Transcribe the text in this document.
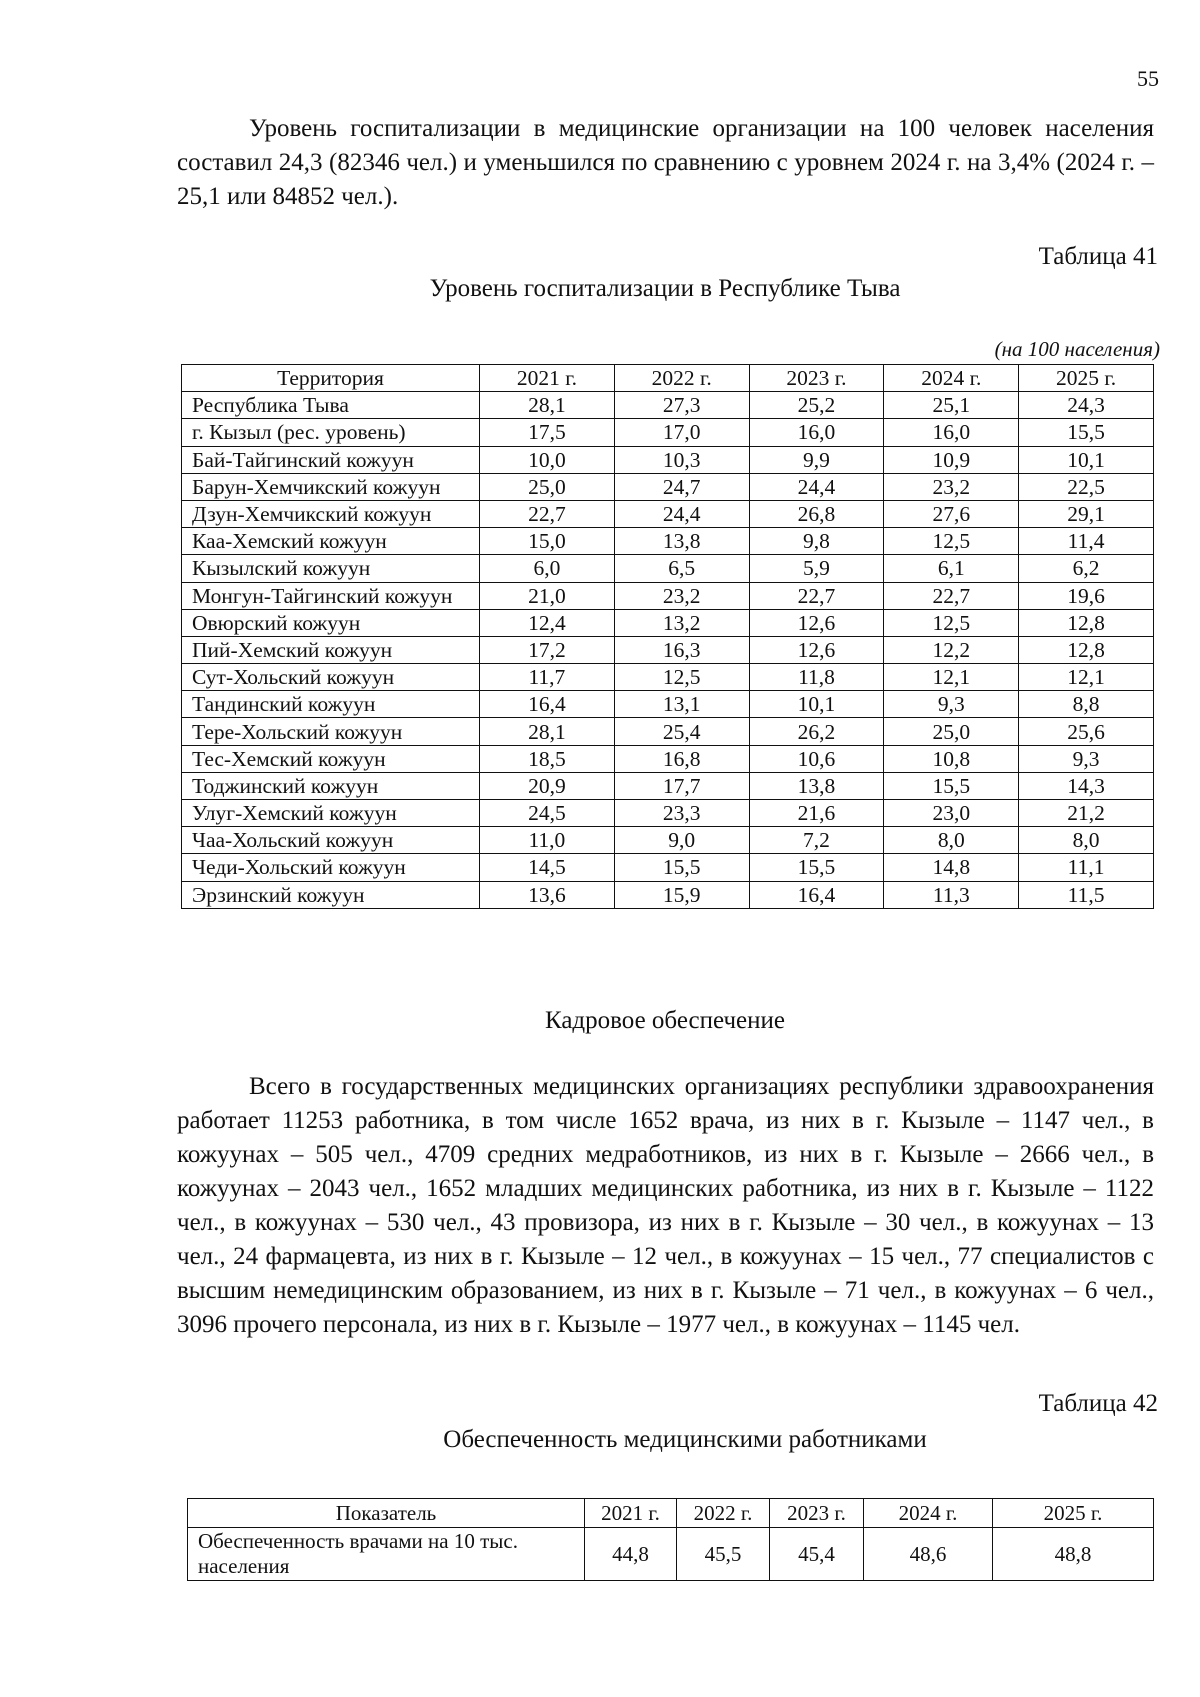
55

Уровень госпитализации в медицинские организации на 100 человек населения составил 24,3 (82346 чел.) и уменьшился по сравнению с уровнем 2024 г. на 3,4% (2024 г. – 25,1 или 84852 чел.).

Таблица 41
Уровень госпитализации в Республике Тыва
(на 100 населения)
Территория	2021 г.	2022 г.	2023 г.	2024 г.	2025 г.
Республика Тыва	28,1	27,3	25,2	25,1	24,3
г. Кызыл (рес. уровень)	17,5	17,0	16,0	16,0	15,5
Бай-Тайгинский кожуун	10,0	10,3	9,9	10,9	10,1
Барун-Хемчикский кожуун	25,0	24,7	24,4	23,2	22,5
Дзун-Хемчикский кожуун	22,7	24,4	26,8	27,6	29,1
Каа-Хемский кожуун	15,0	13,8	9,8	12,5	11,4
Кызылский кожуун	6,0	6,5	5,9	6,1	6,2
Монгун-Тайгинский кожуун	21,0	23,2	22,7	22,7	19,6
Овюрский кожуун	12,4	13,2	12,6	12,5	12,8
Пий-Хемский кожуун	17,2	16,3	12,6	12,2	12,8
Сут-Хольский кожуун	11,7	12,5	11,8	12,1	12,1
Тандинский кожуун	16,4	13,1	10,1	9,3	8,8
Тере-Хольский кожуун	28,1	25,4	26,2	25,0	25,6
Тес-Хемский кожуун	18,5	16,8	10,6	10,8	9,3
Тоджинский кожуун	20,9	17,7	13,8	15,5	14,3
Улуг-Хемский кожуун	24,5	23,3	21,6	23,0	21,2
Чаа-Хольский кожуун	11,0	9,0	7,2	8,0	8,0
Чеди-Хольский кожуун	14,5	15,5	15,5	14,8	11,1
Эрзинский кожуун	13,6	15,9	16,4	11,3	11,5
Кадровое обеспечение

Всего в государственных медицинских организациях республики здравоохранения работает 11253 работника, в том числе 1652 врача, из них в г. Кызыле – 1147 чел., в кожуунах – 505 чел., 4709 средних медработников, из них в г. Кызыле – 2666 чел., в кожуунах – 2043 чел., 1652 младших медицинских работника, из них в г. Кызыле – 1122 чел., в кожуунах – 530 чел., 43 провизора, из них в г. Кызыле – 30 чел., в кожуунах – 13 чел., 24 фармацевта, из них в г. Кызыле – 12 чел., в кожуунах – 15 чел., 77 специалистов с высшим немедицинским образованием, из них в г. Кызыле – 71 чел., в кожуунах – 6 чел., 3096 прочего персонала, из них в г. Кызыле – 1977 чел., в кожуунах – 1145 чел.

Таблица 42
Обеспеченность медицинскими работниками
Показатель	2021 г.	2022 г.	2023 г.	2024 г.	2025 г.
Обеспеченность врачами на 10 тыс. населения	44,8	45,5	45,4	48,6	48,8
